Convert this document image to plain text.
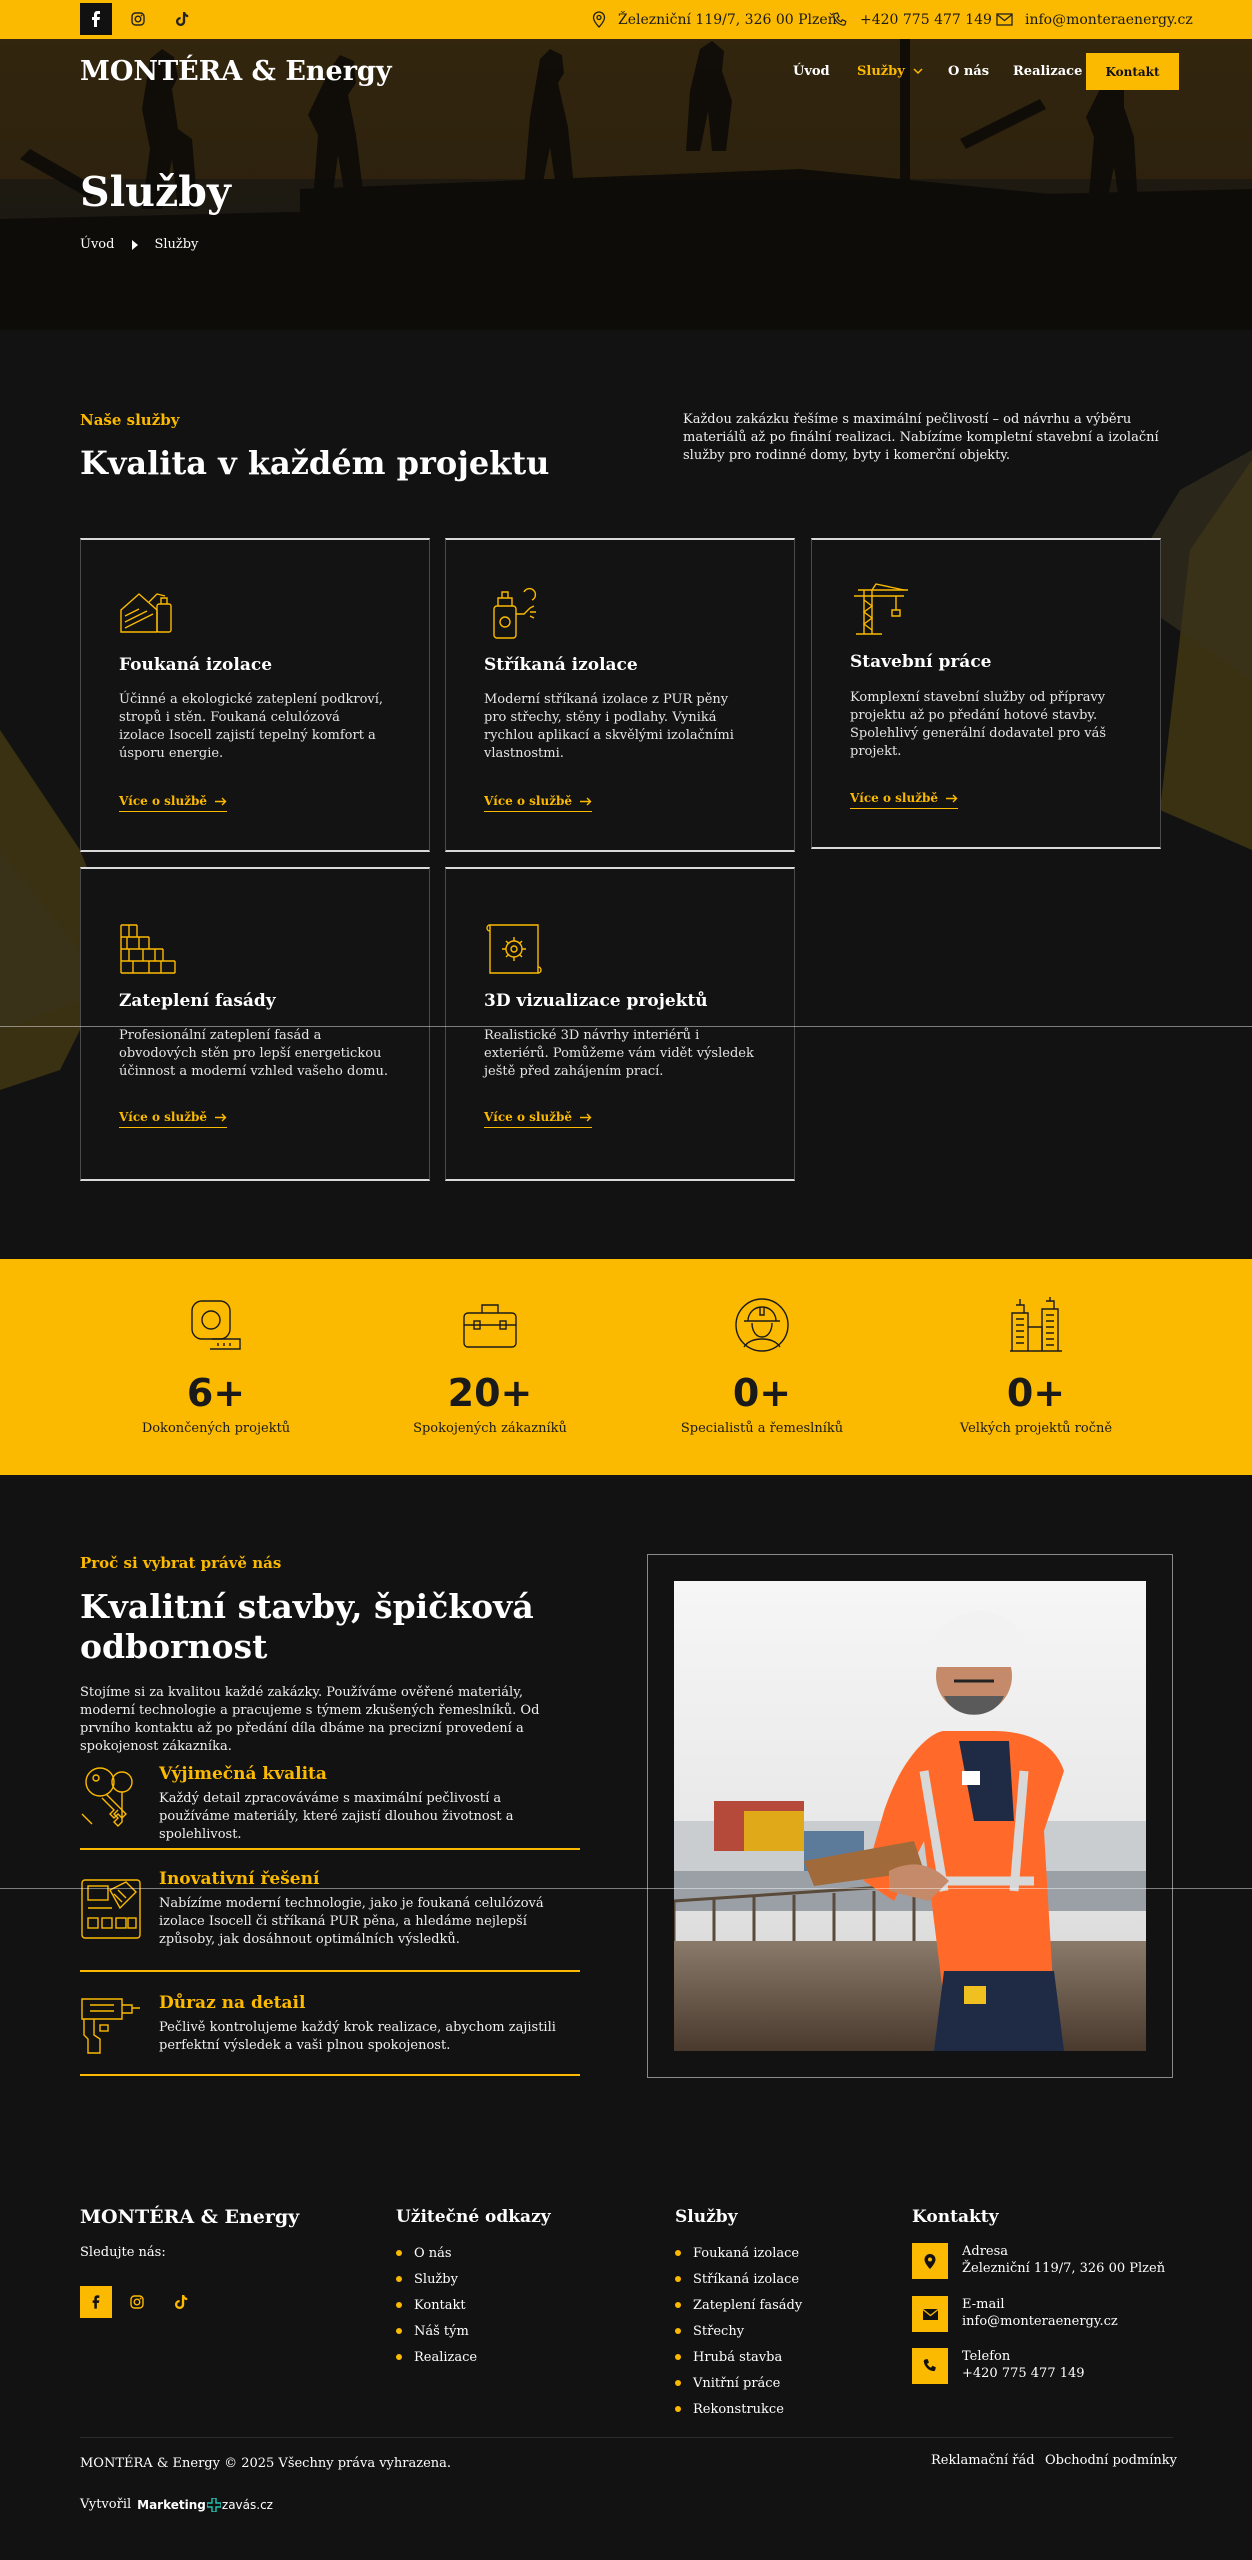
Železniční 119/7, 326 00 Plzeň +420 775 477 149 info@monteraenergy.cz
MONTÉRA & Energy	Úvod Služby	O nás Realizace	Kontakt
Služby
Úvod	Služby
Naše služby
Kvalita v každém projektu

Každou zakázku řešíme s maximální pečlivostí – od návrhu a výběru materiálů až po finální realizaci. Nabízíme kompletní stavební a izolační služby pro rodinné domy, byty i komerční objekty.

Foukaná izolace
Účinné a ekologické zateplení podkroví, stropů i stěn. Foukaná celulózová izolace Isocell zajistí tepelný komfort a úsporu energie.
Více o službě
Stříkaná izolace
Moderní stříkaná izolace z PUR pěny pro střechy, stěny i podlahy. Vyniká rychlou aplikací a skvělými izolačními vlastnostmi.
Více o službě
Stavební práce
Komplexní stavební služby od přípravy projektu až po předání hotové stavby. Spolehlivý generální dodavatel pro váš projekt.
Více o službě
Zateplení fasády
Profesionální zateplení fasád a obvodových stěn pro lepší energetickou účinnost a moderní vzhled vašeho domu.
Více o službě
3D vizualizace projektů
Realistické 3D návrhy interiérů i exteriérů. Pomůžeme vám vidět výsledek ještě před zahájením prací.
Více o službě
6+
Dokončených projektů
20+
Spokojených zákazníků
0+
Specialistů a řemeslníků
0+
Velkých projektů ročně
Proč si vybrat právě nás
Kvalitní stavby, špičková
odbornost

Stojíme si za kvalitou každé zakázky. Používáme ověřené materiály, moderní technologie a pracujeme s týmem zkušených řemeslníků. Od prvního kontaktu až po předání díla dbáme na precizní provedení a spokojenost zákazníka.

Výjimečná kvalita
Každý detail zpracováváme s maximální pečlivostí a používáme materiály, které zajistí dlouhou životnost a spolehlivost.
Inovativní řešení
Nabízíme moderní technologie, jako je foukaná celulózová izolace Isocell či stříkaná PUR pěna, a hledáme nejlepší způsoby, jak dosáhnout optimálních výsledků.
Důraz na detail
Pečlivě kontrolujeme každý krok realizace, abychom zajistili perfektní výsledek a vaši plnou spokojenost.
MONTÉRA & Energy
Sledujte nás:
Užitečné odkazy
O nás
Služby
Kontakt
Náš tým
Realizace
Služby
Foukaná izolace
Stříkaná izolace
Zateplení fasády
Střechy
Hrubá stavba
Vnitřní práce
Rekonstrukce
Kontakty
Adresa
Železniční 119/7, 326 00 Plzeň
E-mail
info@monteraenergy.cz
Telefon
+420 775 477 149
MONTÉRA & Energy © 2025 Všechny práva vyhrazena.	Reklamační řád Obchodní podmínky
Vytvořil Marketing zavás.cz
